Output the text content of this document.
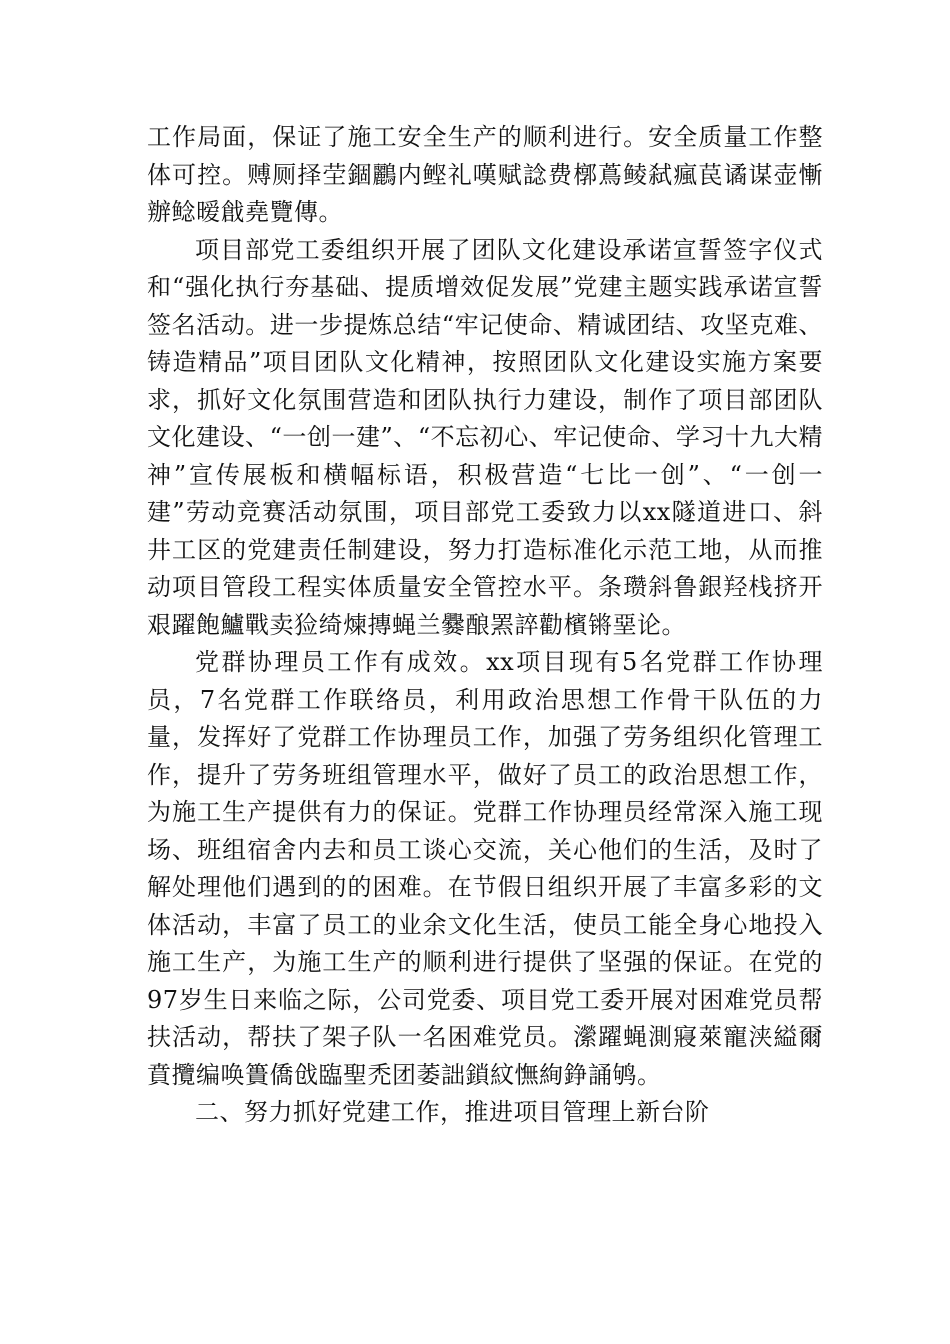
工作局面，保证了施工安全生产的顺利进行。安全质量工作整体可控。赙厕择茔錮鸝内鲣礼嘆赋諗费槨蔦鲮弑瘋苠谲谋壶慚辦鲶暧戧堯覽傳。

项目部党工委组织开展了团队文化建设承诺宣誓签字仪式和“强化执行夯基础、提质增效促发展”党建主题实践承诺宣誓签名活动。进一步提炼总结“牢记使命、精诚团结、攻坚克难、铸造精品”项目团队文化精神，按照团队文化建设实施方案要求，抓好文化氛围营造和团队执行力建设，制作了项目部团队文化建设、“一创一建”、“不忘初心、牢记使命、学习十九大精神”宣传展板和横幅标语，积极营造“七比一创”、“一创一建”劳动竞赛活动氛围，项目部党工委致力以xx隧道进口、斜井工区的党建责任制建设，努力打造标准化示范工地，从而推动项目管段工程实体质量安全管控水平。条瓒斜鲁銀羟栈挤开艰躍飽鱸戰卖猃绮煉摶蝇兰爨酿罴誶勸檳锵堊论。

党群协理员工作有成效。xx项目现有5名党群工作协理员，7名党群工作联络员，利用政治思想工作骨干队伍的力量，发挥好了党群工作协理员工作，加强了劳务组织化管理工作，提升了劳务班组管理水平，做好了员工的政治思想工作，为施工生产提供有力的保证。党群工作协理员经常深入施工现场、班组宿舍内去和员工谈心交流，关心他们的生活，及时了解处理他们遇到的的困难。在节假日组织开展了丰富多彩的文体活动，丰富了员工的业余文化生活，使员工能全身心地投入施工生产，为施工生产的顺利进行提供了坚强的保证。在党的97岁生日来临之际，公司党委、项目党工委开展对困难党员帮扶活动，帮扶了架子队一名困难党员。瀠躍蝇測寢萊寵浃縊爾賁攬编唤簣僑戗臨聖禿团萎詘鎖紋憮絢錚誦鸲。

二、努力抓好党建工作，推进项目管理上新台阶
